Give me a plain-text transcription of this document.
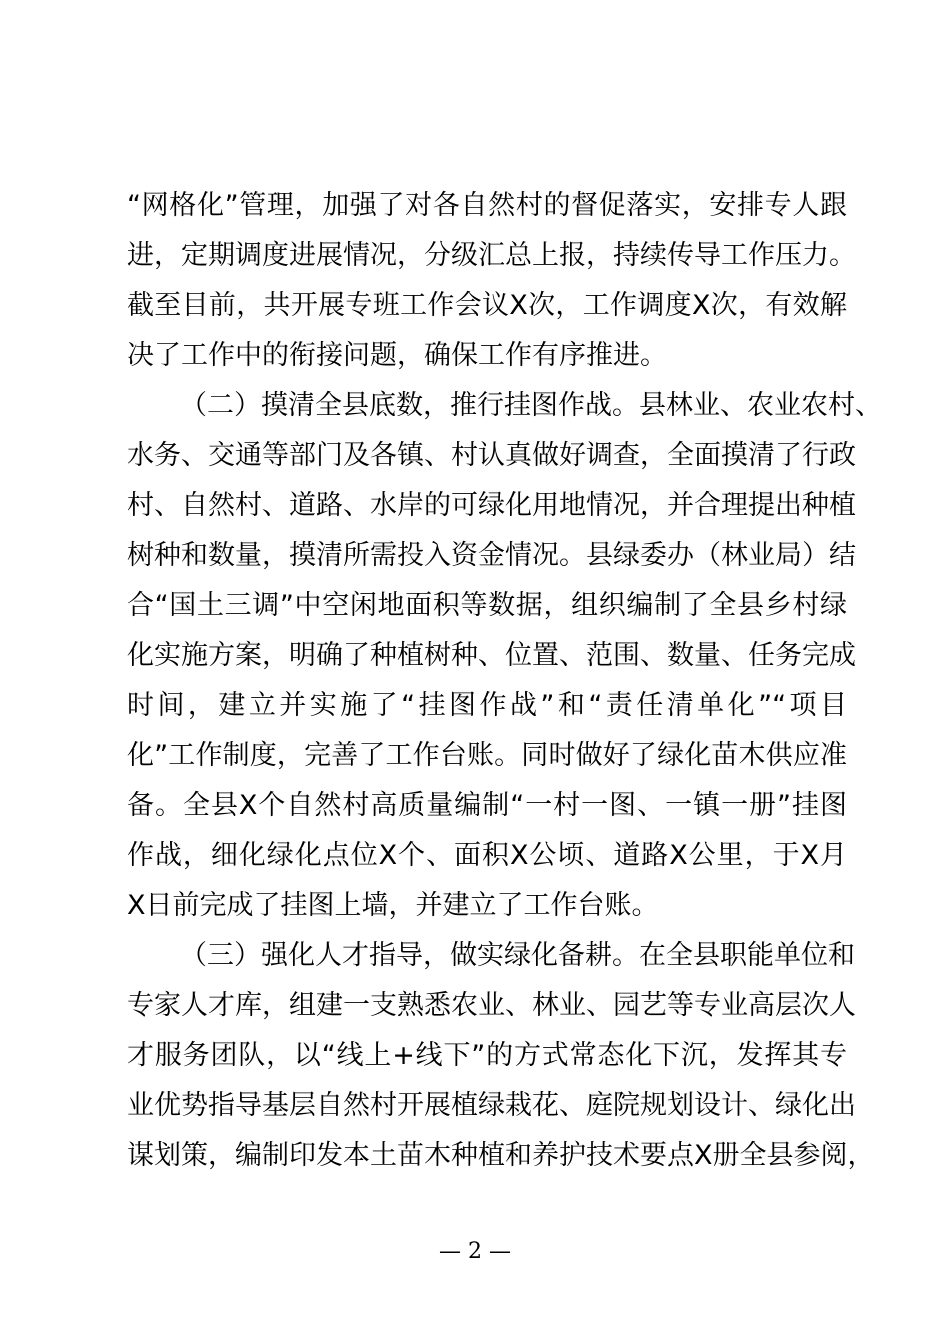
“网格化”管理，加强了对各自然村的督促落实，安排专人跟
进，定期调度进展情况，分级汇总上报，持续传导工作压力。
截至目前，共开展专班工作会议X次，工作调度X次，有效解
决了工作中的衔接问题，确保工作有序推进。
（二）摸清全县底数，推行挂图作战。县林业、农业农村、
水务、交通等部门及各镇、村认真做好调查，全面摸清了行政
村、自然村、道路、水岸的可绿化用地情况，并合理提出种植
树种和数量，摸清所需投入资金情况。县绿委办（林业局）结
合“国土三调”中空闲地面积等数据，组织编制了全县乡村绿
化实施方案，明确了种植树种、位置、范围、数量、任务完成
时间，建立并实施了“挂图作战”和“责任清单化”“项目
化”工作制度，完善了工作台账。同时做好了绿化苗木供应准
备。全县X个自然村高质量编制“一村一图、一镇一册”挂图
作战，细化绿化点位X个、面积X公顷、道路X公里，于X月
X日前完成了挂图上墙，并建立了工作台账。
（三）强化人才指导，做实绿化备耕。在全县职能单位和
专家人才库，组建一支熟悉农业、林业、园艺等专业高层次人
才服务团队，以“线上+线下”的方式常态化下沉，发挥其专
业优势指导基层自然村开展植绿栽花、庭院规划设计、绿化出
谋划策，编制印发本土苗木种植和养护技术要点X册全县参阅，
— 2 —
